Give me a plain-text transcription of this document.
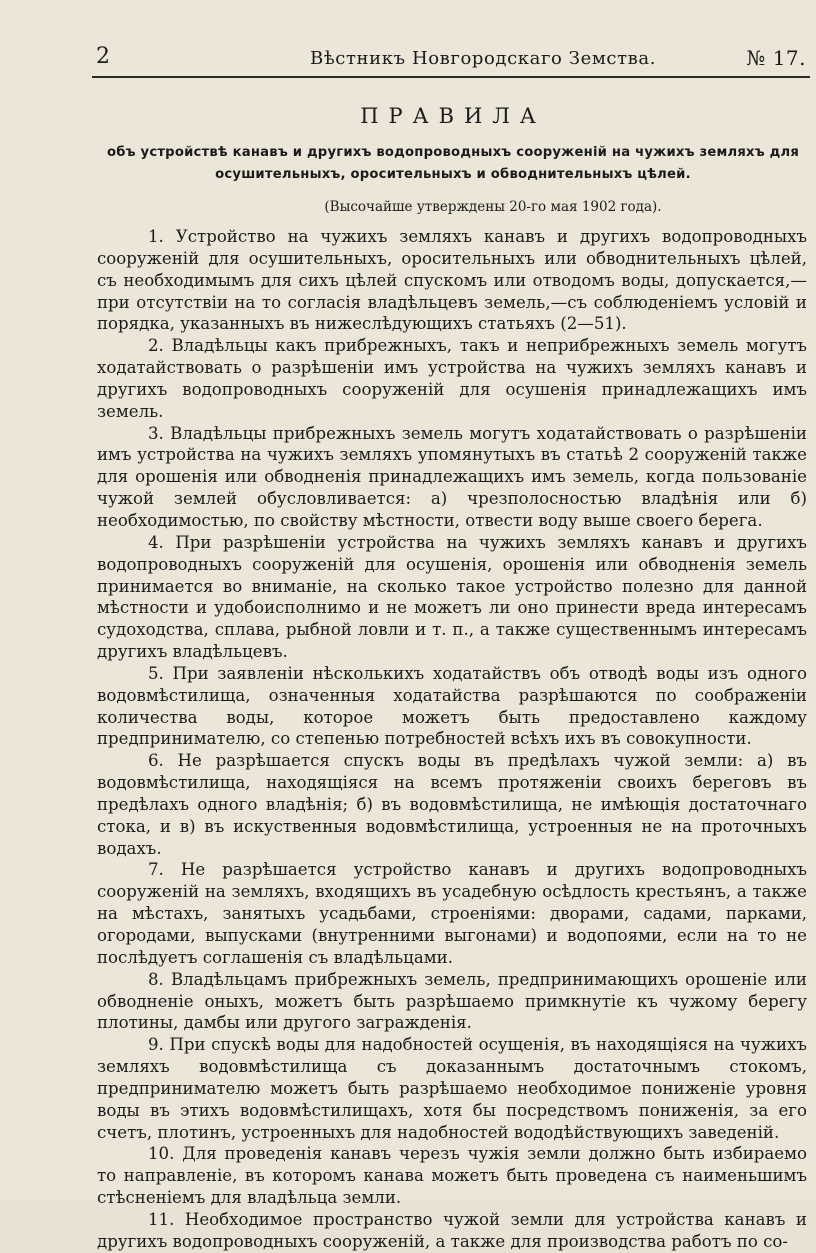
2	Вѣстникъ Новгородскаго Земства.	№ 17.
ПРАВИЛА
объ устройствѣ канавъ и другихъ водопроводныхъ сооруженій на чужихъ земляхъ для осушительныхъ, оросительныхъ и обводнительныхъ цѣлей.
(Высочайше утверждены 20-го мая 1902 года).

1. Устройство на чужихъ земляхъ канавъ и другихъ водопроводныхъ сооруженій для осушительныхъ, оросительныхъ или обводнительныхъ цѣлей, съ необходимымъ для сихъ цѣлей спускомъ или отводомъ воды, допускается,— при отсутствіи на то согласія владѣльцевъ земель,—съ соблюденіемъ условій и порядка, указанныхъ въ нижеслѣдующихъ статьяхъ (2—51).

2. Владѣльцы какъ прибрежныхъ, такъ и неприбрежныхъ земель могутъ ходатайствовать о разрѣшеніи имъ устройства на чужихъ земляхъ канавъ и другихъ водопроводныхъ сооруженій для осушенія принадлежащихъ имъ земель.

3. Владѣльцы прибрежныхъ земель могутъ ходатайствовать о разрѣшеніи имъ устройства на чужихъ земляхъ упомянутыхъ въ статьѣ 2 сооруженій также для орошенія или обводненія принадлежащихъ имъ земель, когда пользованіе чужой землей обусловливается: а) чрезполосностью владѣнія или б) необходимостью, по свойству мѣстности, отвести воду выше своего берега.

4. При разрѣшеніи устройства на чужихъ земляхъ канавъ и другихъ водопроводныхъ сооруженій для осушенія, орошенія или обводненія земель принимается во вниманіе, на сколько такое устройство полезно для данной мѣстности и удобоисполнимо и не можетъ ли оно принести вреда интересамъ судоходства, сплава, рыбной ловли и т. п., а также существеннымъ интересамъ другихъ владѣльцевъ.

5. При заявленіи нѣсколькихъ ходатайствъ объ отводѣ воды изъ одного водовмѣстилища, означенныя ходатайства разрѣшаются по соображеніи количества воды, которое можетъ быть предоставлено каждому предпринимателю, со степенью потребностей всѣхъ ихъ въ совокупности.

6. Не разрѣшается спускъ воды въ предѣлахъ чужой земли: а) въ водовмѣстилища, находящіяся на всемъ протяженіи своихъ береговъ въ предѣлахъ одного владѣнія; б) въ водовмѣстилища, не имѣющія достаточнаго стока, и в) въ искуственныя водовмѣстилища, устроенныя не на проточныхъ водахъ.

7. Не разрѣшается устройство канавъ и другихъ водопроводныхъ сооруженій на земляхъ, входящихъ въ усадебную осѣдлость крестьянъ, а также на мѣстахъ, занятыхъ усадьбами, строеніями: дворами, садами, парками, огородами, выпусками (внутренними выгонами) и водопоями, если на то не послѣдуетъ соглашенія съ владѣльцами.

8. Владѣльцамъ прибрежныхъ земель, предпринимающихъ орошеніе или обводненіе оныхъ, можетъ быть разрѣшаемо примкнутіе къ чужому берегу плотины, дамбы или другого загражденія.

9. При спускѣ воды для надобностей осущенія, въ находящіяся на чужихъ земляхъ водовмѣстилища съ доказаннымъ достаточнымъ стокомъ, предпринимателю можетъ быть разрѣшаемо необходимое пониженіе уровня воды въ этихъ водовмѣстилищахъ, хотя бы посредствомъ пониженія, за его счетъ, плотинъ, устроенныхъ для надобностей вододѣйствующихъ заведеній.

10. Для проведенія канавъ черезъ чужія земли должно быть избираемо то направленіе, въ которомъ канава можетъ быть проведена съ наименьшимъ стѣсненіемъ для владѣльца земли.

11. Необходимое пространство чужой земли для устройства канавъ и другихъ водопроводныхъ сооруженій, а также для производства работъ по со-
